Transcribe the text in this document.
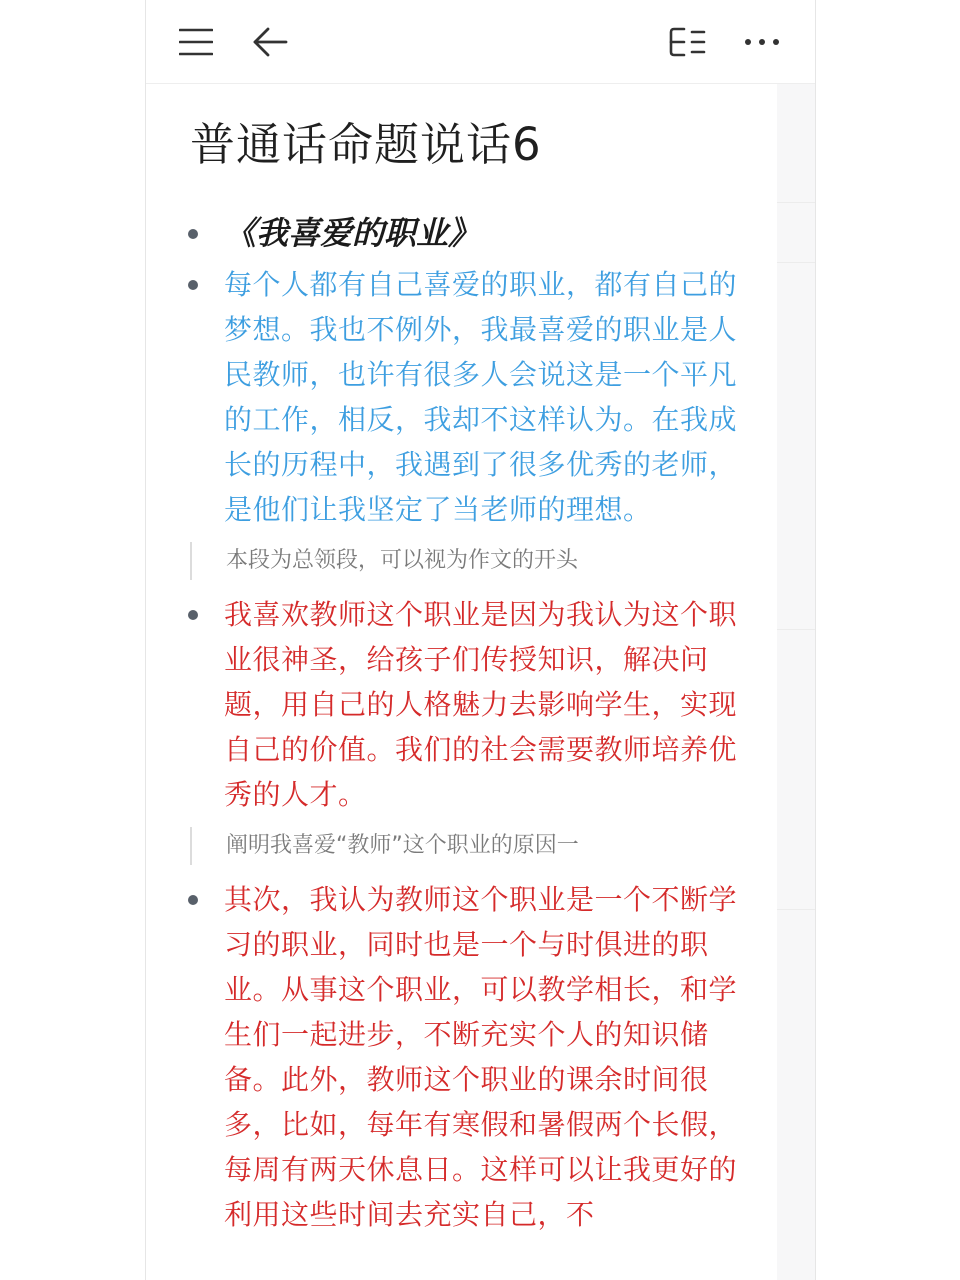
普通话命题说话6
《我喜爱的职业》
每个人都有自己喜爱的职业，都有自己的梦想。我也不例外，我最喜爱的职业是人民教师，也许有很多人会说这是一个平凡的工作，相反，我却不这样认为。在我成长的历程中，我遇到了很多优秀的老师，是他们让我坚定了当老师的理想。
本段为总领段，可以视为作文的开头
我喜欢教师这个职业是因为我认为这个职业很神圣，给孩子们传授知识，解决问题，用自己的人格魅力去影响学生，实现自己的价值。我们的社会需要教师培养优秀的人才。
阐明我喜爱“教师”这个职业的原因一
其次，我认为教师这个职业是一个不断学习的职业，同时也是一个与时俱进的职业。从事这个职业，可以教学相长，和学生们一起进步，不断充实个人的知识储备。此外，教师这个职业的课余时间很多，比如，每年有寒假和暑假两个长假，每周有两天休息日。这样可以让我更好的利用这些时间去充实自己，不
